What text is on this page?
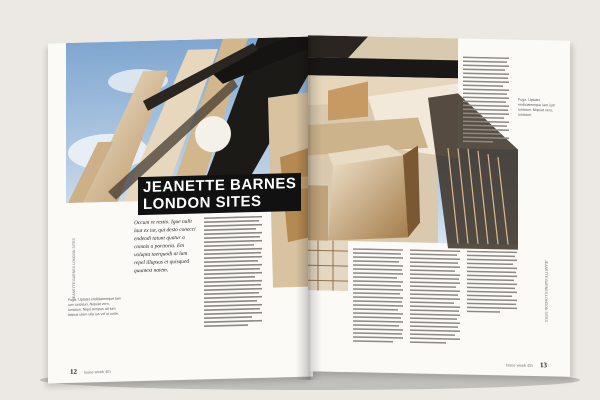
JEANETTE BARNES
LONDON SITES
Occum re restio. Igue nulit laut ex iur, qui desto conecci endendi tatunt quatur a comnis a poritoria. Em volupta taerquodi at lum repel illupsus et quisqued quuntest natem.
Fuga. Uptatet endiciatemque lam ium iuntaturi, Niquiat vero, iuntaturi, Niqui tempus ad lum latinus utem ulla ius vel ut iunte.
12 Issue week 4th
JEANETTE BARNES LONDON SITES
Fuga. Uptatet endiciatemque lam ium iuntaturi. Niquiat vero, iuntaturi.
Issue week 4th 13
JEANETTE BARNES LONDON SITES
